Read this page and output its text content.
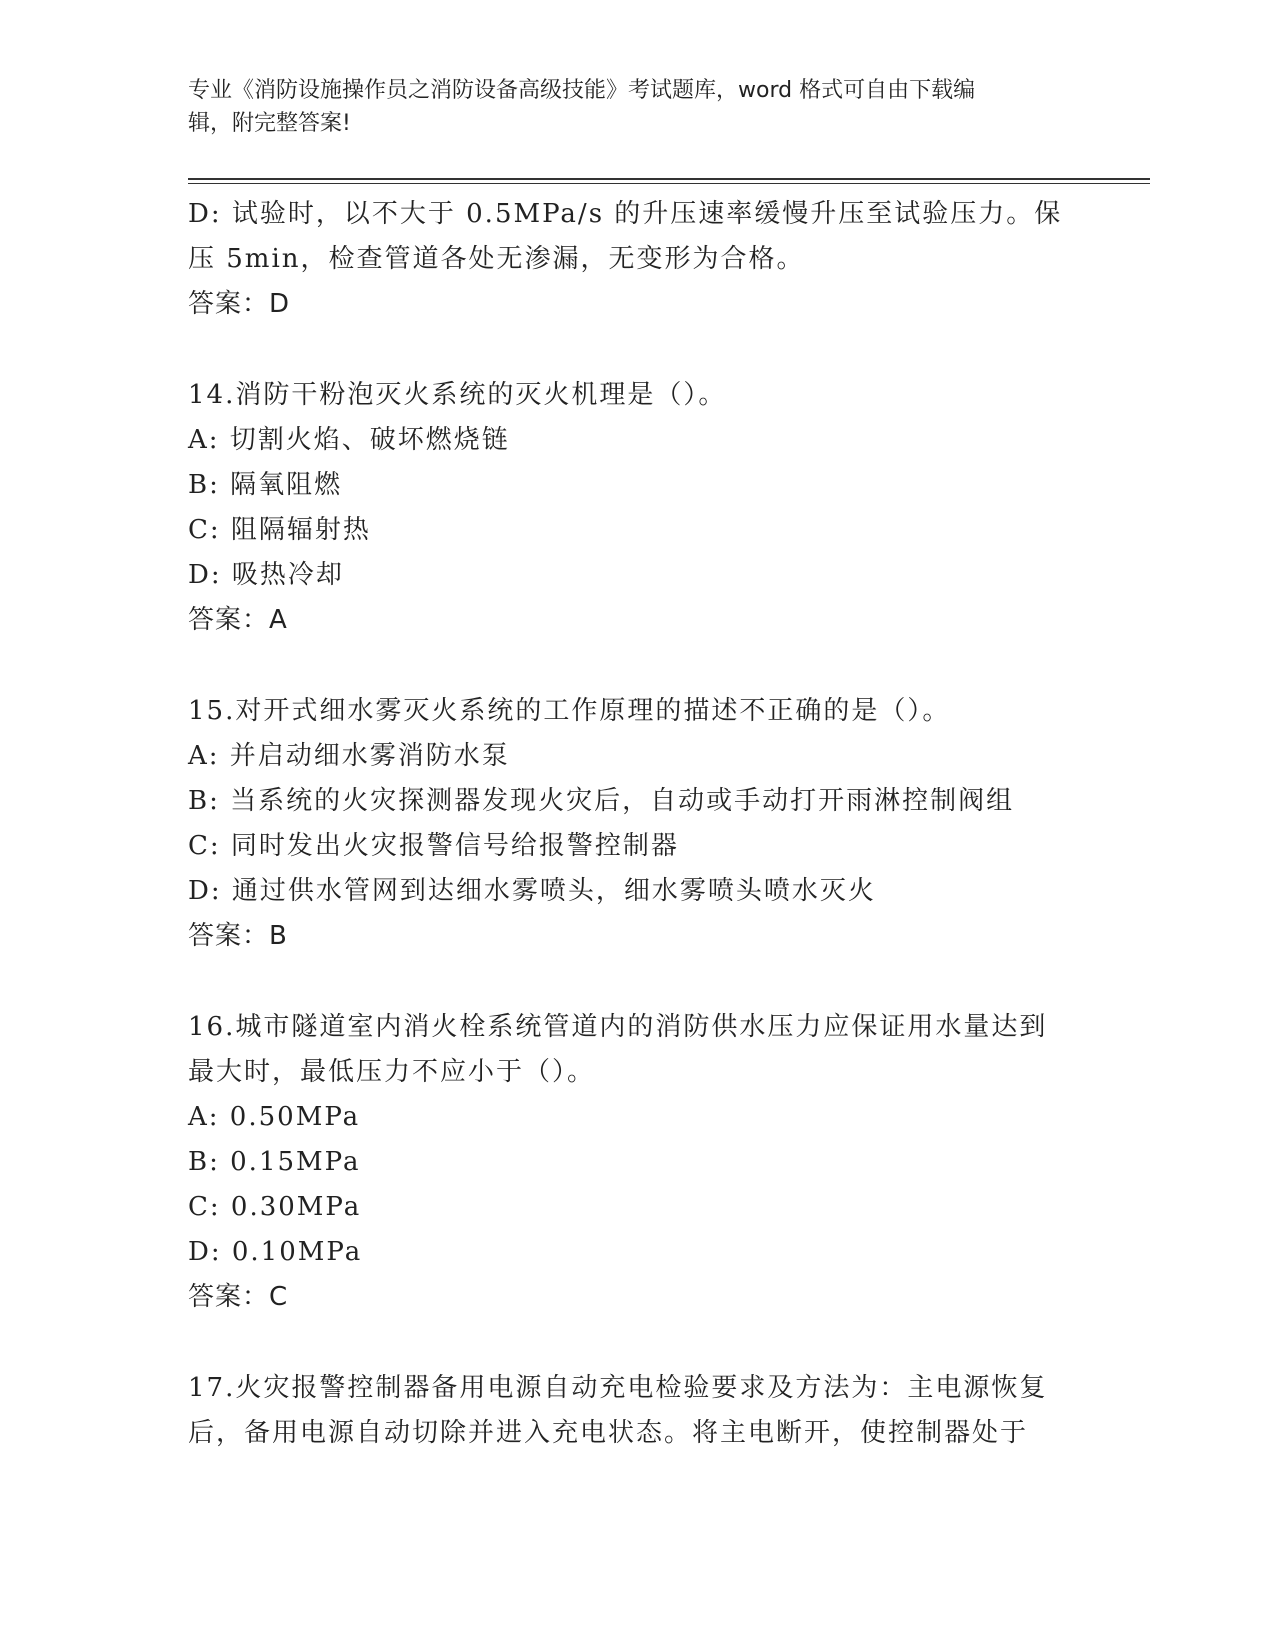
专业《消防设施操作员之消防设备高级技能》考试题库，word 格式可自由下载编
辑，附完整答案!
D: 试验时，以不大于 0.5MPa/s 的升压速率缓慢升压至试验压力。保
压 5min，检查管道各处无渗漏，无变形为合格。
答案：D
14.消防干粉泡灭火系统的灭火机理是（）。
A: 切割火焰、破坏燃烧链
B: 隔氧阻燃
C: 阻隔辐射热
D: 吸热冷却
答案：A
15.对开式细水雾灭火系统的工作原理的描述不正确的是（）。
A: 并启动细水雾消防水泵
B: 当系统的火灾探测器发现火灾后，自动或手动打开雨淋控制阀组
C: 同时发出火灾报警信号给报警控制器
D: 通过供水管网到达细水雾喷头，细水雾喷头喷水灭火
答案：B
16.城市隧道室内消火栓系统管道内的消防供水压力应保证用水量达到
最大时，最低压力不应小于（）。
A: 0.50MPa
B: 0.15MPa
C: 0.30MPa
D: 0.10MPa
答案：C
17.火灾报警控制器备用电源自动充电检验要求及方法为：主电源恢复
后，备用电源自动切除并进入充电状态。将主电断开，使控制器处于
